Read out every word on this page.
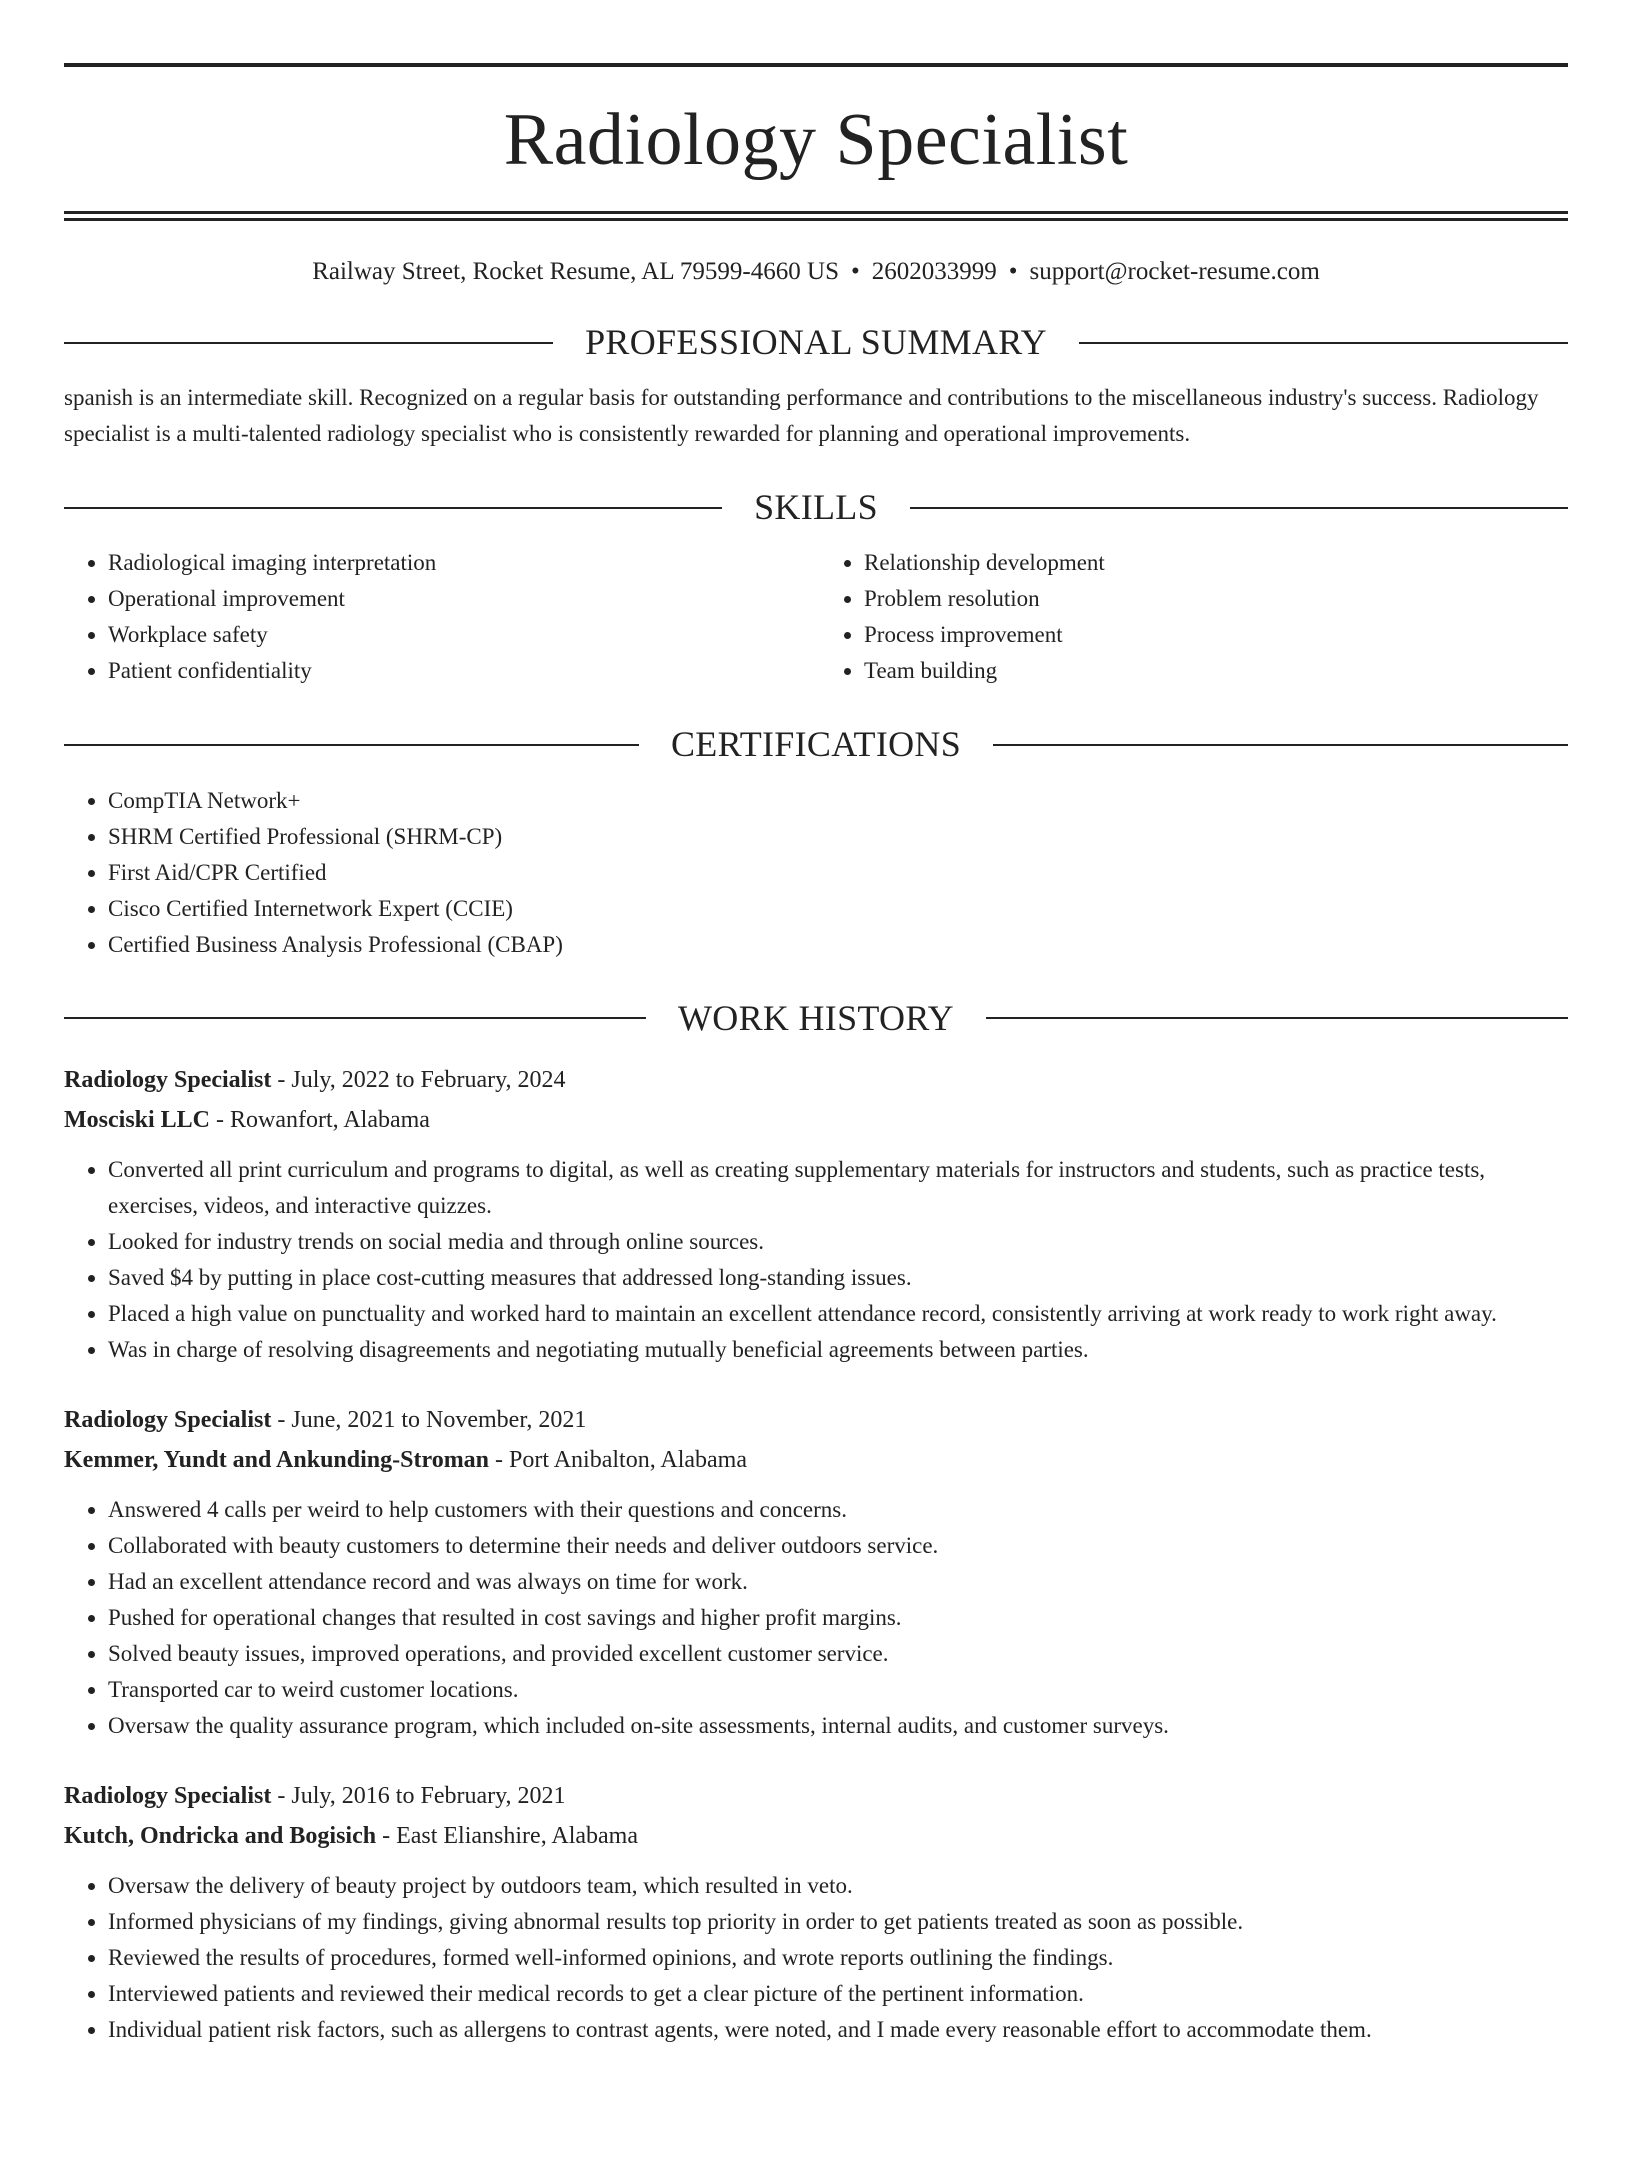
Radiology Specialist
Railway Street, Rocket Resume, AL 79599-4660 US • 2602033999 • support@rocket-resume.com
PROFESSIONAL SUMMARY
spanish is an intermediate skill. Recognized on a regular basis for outstanding performance and contributions to the miscellaneous industry's success. Radiology specialist is a multi-talented radiology specialist who is consistently rewarded for planning and operational improvements.
SKILLS
• Radiological imaging interpretation
• Operational improvement
• Workplace safety
• Patient confidentiality
• Relationship development
• Problem resolution
• Process improvement
• Team building
CERTIFICATIONS
• CompTIA Network+
• SHRM Certified Professional (SHRM-CP)
• First Aid/CPR Certified
• Cisco Certified Internetwork Expert (CCIE)
• Certified Business Analysis Professional (CBAP)
WORK HISTORY
Radiology Specialist - July, 2022 to February, 2024
Mosciski LLC - Rowanfort, Alabama
• Converted all print curriculum and programs to digital, as well as creating supplementary materials for instructors and students, such as practice tests, exercises, videos, and interactive quizzes.
• Looked for industry trends on social media and through online sources.
• Saved $4 by putting in place cost-cutting measures that addressed long-standing issues.
• Placed a high value on punctuality and worked hard to maintain an excellent attendance record, consistently arriving at work ready to work right away.
• Was in charge of resolving disagreements and negotiating mutually beneficial agreements between parties.
Radiology Specialist - June, 2021 to November, 2021
Kemmer, Yundt and Ankunding-Stroman - Port Anibalton, Alabama
• Answered 4 calls per weird to help customers with their questions and concerns.
• Collaborated with beauty customers to determine their needs and deliver outdoors service.
• Had an excellent attendance record and was always on time for work.
• Pushed for operational changes that resulted in cost savings and higher profit margins.
• Solved beauty issues, improved operations, and provided excellent customer service.
• Transported car to weird customer locations.
• Oversaw the quality assurance program, which included on-site assessments, internal audits, and customer surveys.
Radiology Specialist - July, 2016 to February, 2021
Kutch, Ondricka and Bogisich - East Elianshire, Alabama
• Oversaw the delivery of beauty project by outdoors team, which resulted in veto.
• Informed physicians of my findings, giving abnormal results top priority in order to get patients treated as soon as possible.
• Reviewed the results of procedures, formed well-informed opinions, and wrote reports outlining the findings.
• Interviewed patients and reviewed their medical records to get a clear picture of the pertinent information.
• Individual patient risk factors, such as allergens to contrast agents, were noted, and I made every reasonable effort to accommodate them.
